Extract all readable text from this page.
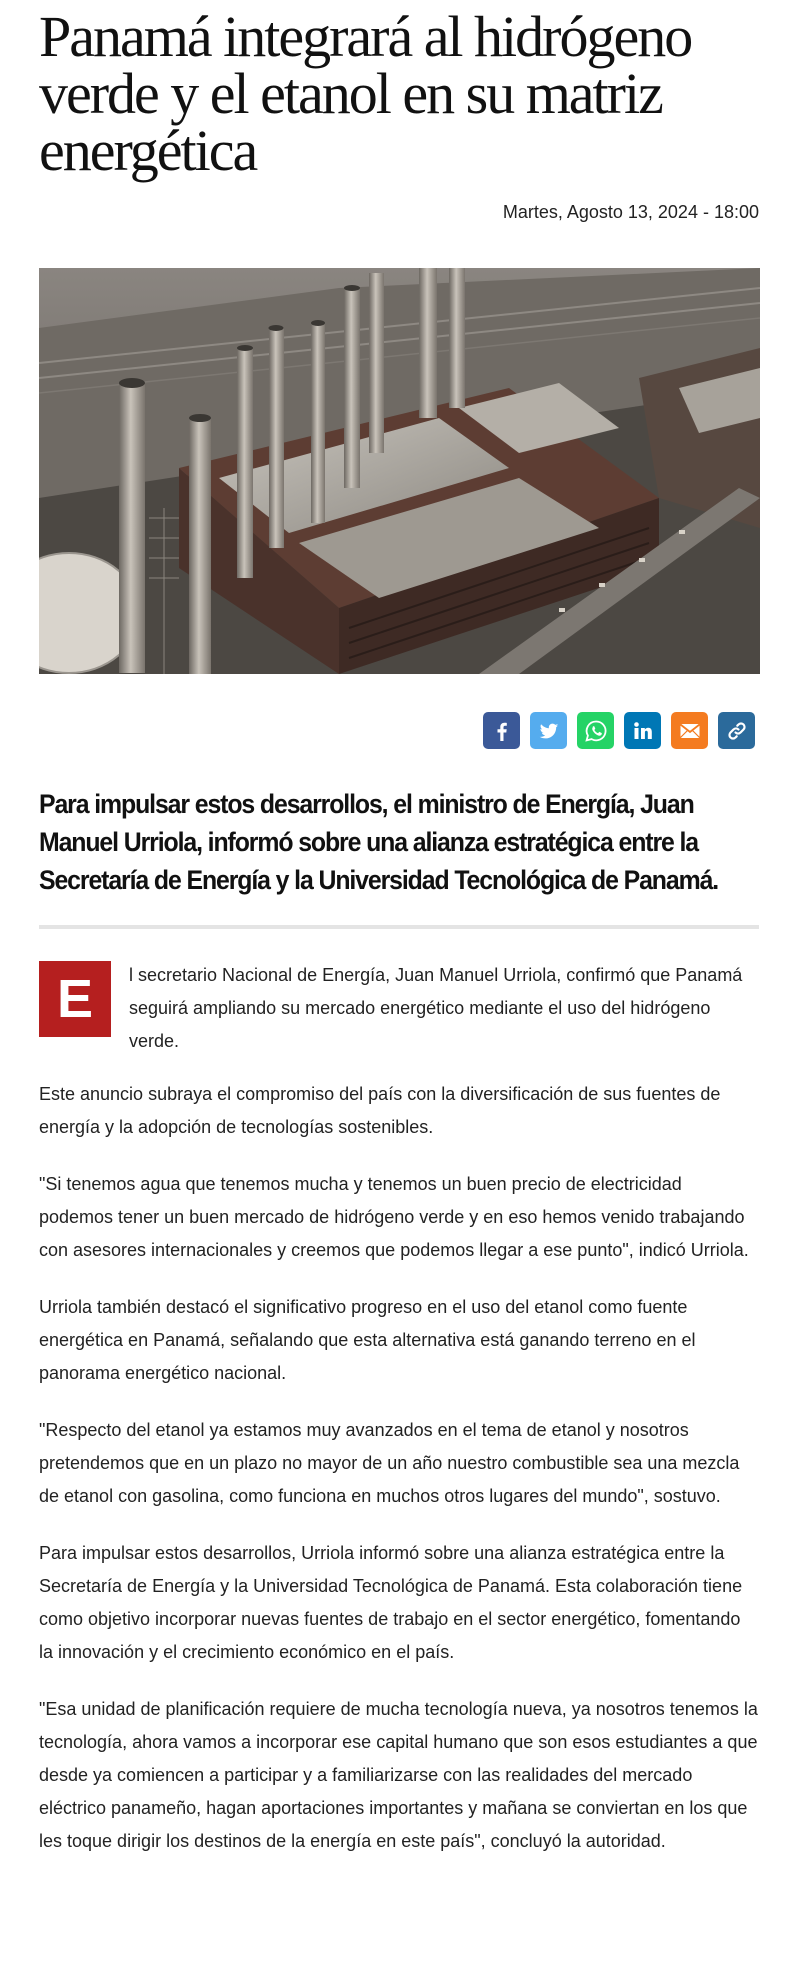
Panamá integrará al hidrógeno verde y el etanol en su matriz energética
Martes, Agosto 13, 2024 - 18:00

Para impulsar estos desarrollos, el ministro de Energía, Juan Manuel Urriola, informó sobre una alianza estratégica entre la Secretaría de Energía y la Universidad Tecnológica de Panamá.

E	l secretario Nacional de Energía, Juan Manuel Urriola, confirmó que Panamá seguirá ampliando su mercado energético mediante el uso del hidrógeno verde.

Este anuncio subraya el compromiso del país con la diversificación de sus fuentes de energía y la adopción de tecnologías sostenibles.

"Si tenemos agua que tenemos mucha y tenemos un buen precio de electricidad podemos tener un buen mercado de hidrógeno verde y en eso hemos venido trabajando con asesores internacionales y creemos que podemos llegar a ese punto", indicó Urriola.

Urriola también destacó el significativo progreso en el uso del etanol como fuente energética en Panamá, señalando que esta alternativa está ganando terreno en el panorama energético nacional.

"Respecto del etanol ya estamos muy avanzados en el tema de etanol y nosotros pretendemos que en un plazo no mayor de un año nuestro combustible sea una mezcla de etanol con gasolina, como funciona en muchos otros lugares del mundo", sostuvo.

Para impulsar estos desarrollos, Urriola informó sobre una alianza estratégica entre la Secretaría de Energía y la Universidad Tecnológica de Panamá. Esta colaboración tiene como objetivo incorporar nuevas fuentes de trabajo en el sector energético, fomentando la innovación y el crecimiento económico en el país.

"Esa unidad de planificación requiere de mucha tecnología nueva, ya nosotros tenemos la tecnología, ahora vamos a incorporar ese capital humano que son esos estudiantes a que desde ya comiencen a participar y a familiarizarse con las realidades del mercado eléctrico panameño, hagan aportaciones importantes y mañana se conviertan en los que les toque dirigir los destinos de la energía en este país", concluyó la autoridad.
